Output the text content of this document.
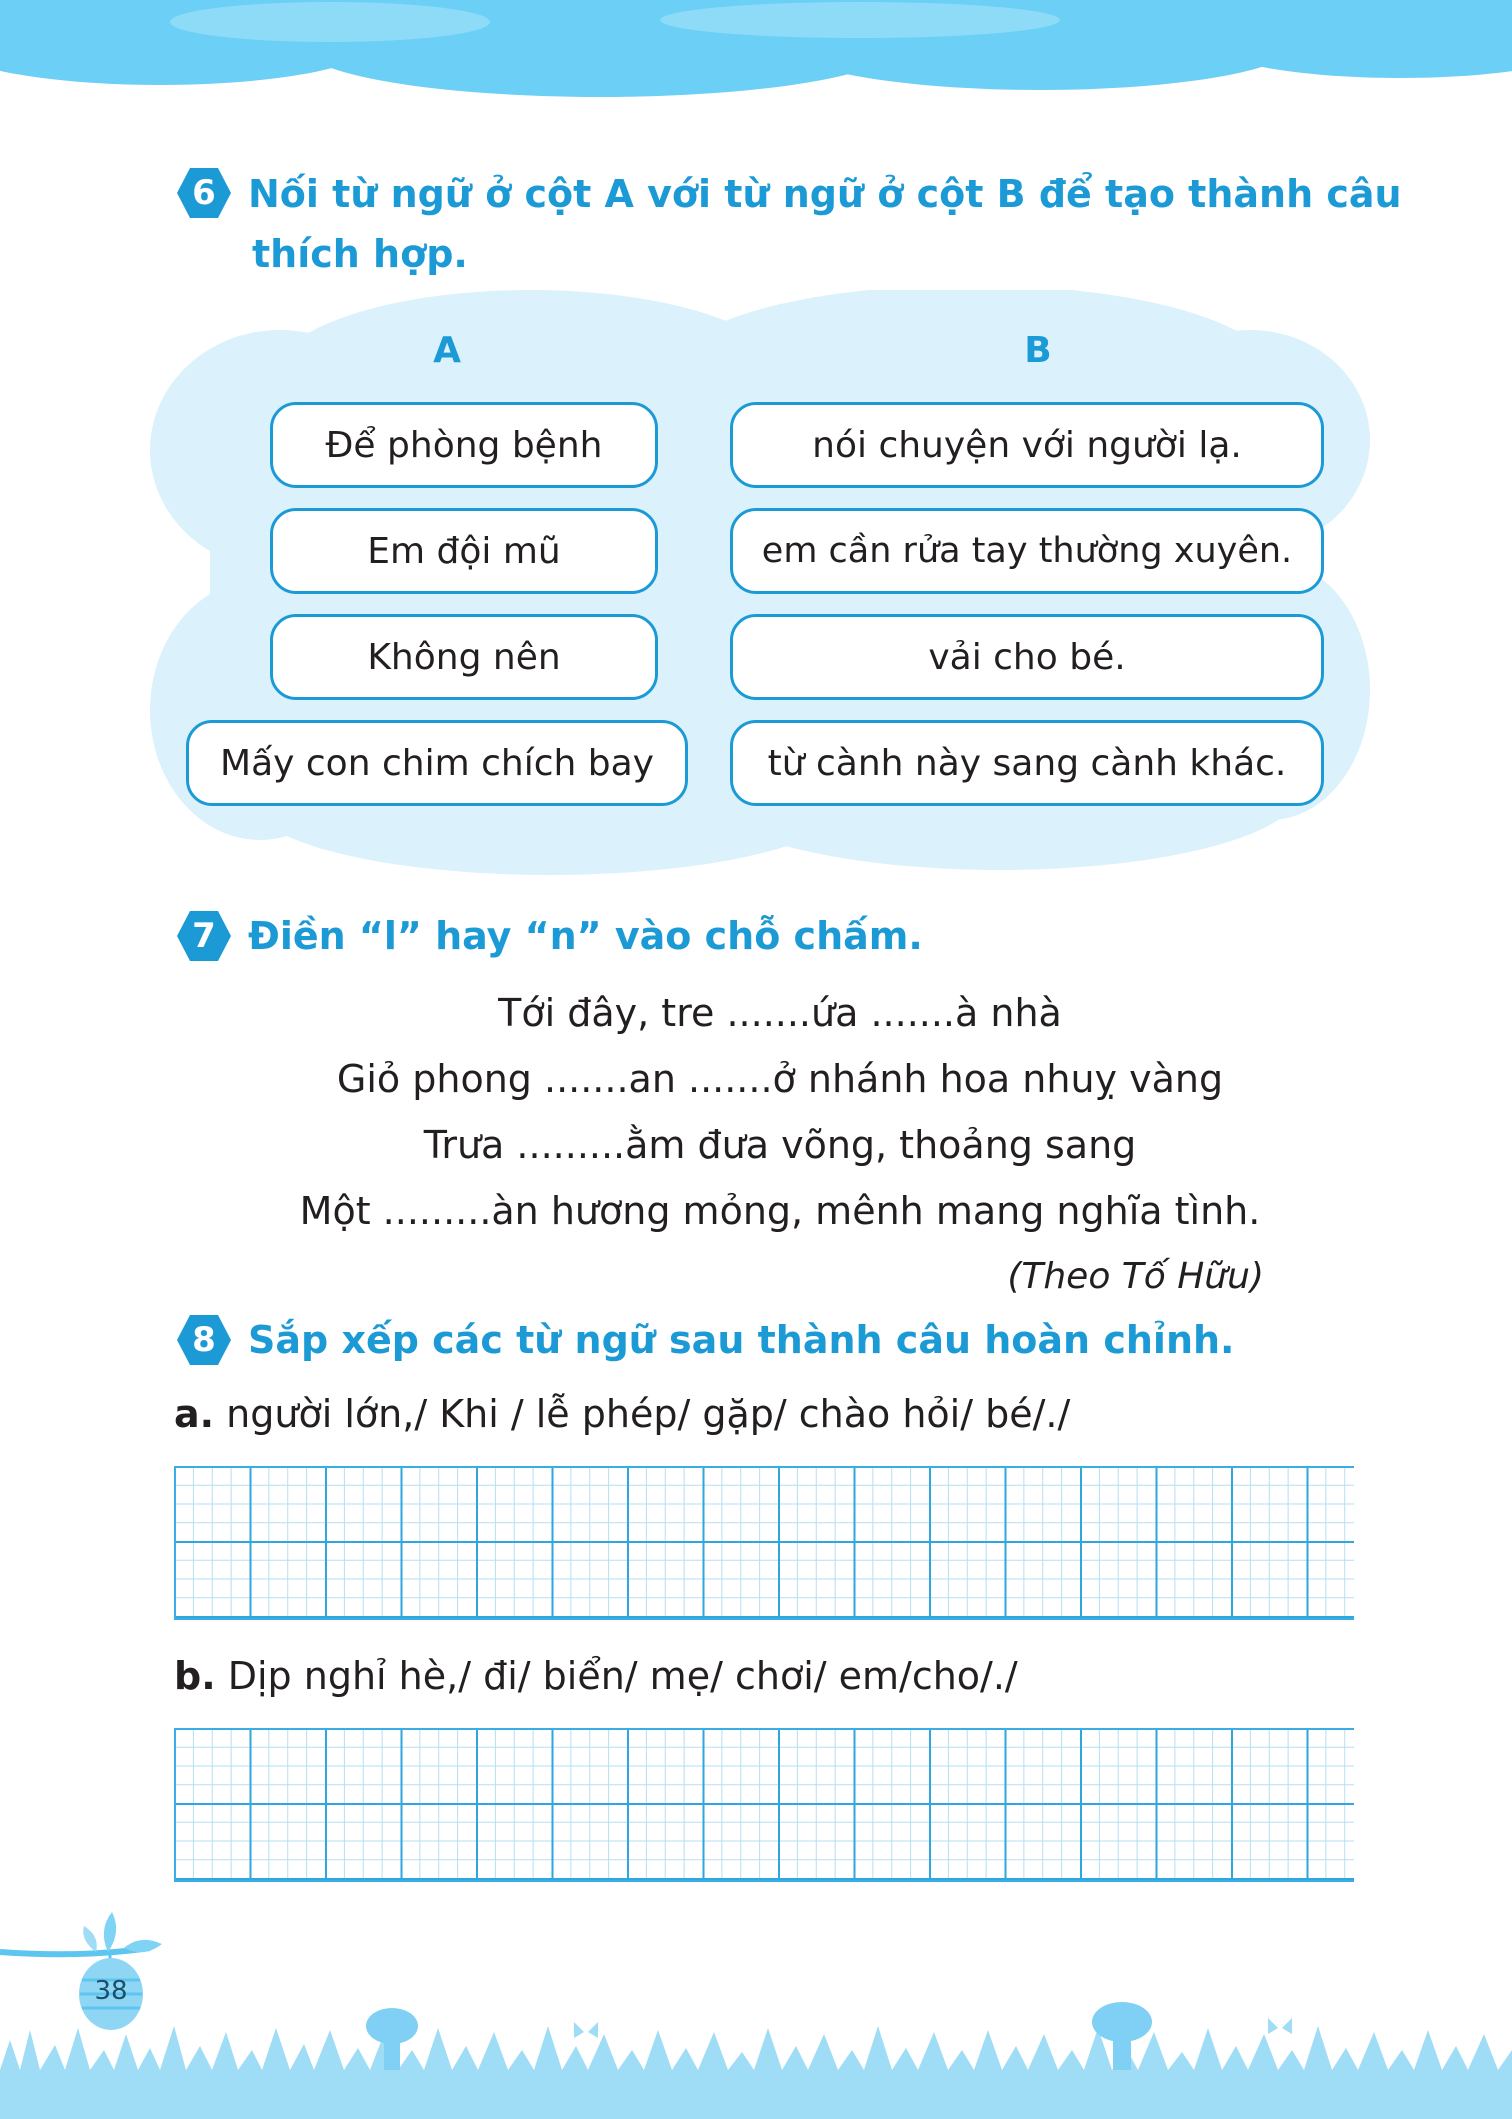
6 Nối từ ngữ ở cột A với từ ngữ ở cột B để tạo thành câu
thích hợp.
A	B
Để phòng bệnh
Em đội mũ
Không nên
Mấy con chim chích bay
nói chuyện với người lạ.
em cần rửa tay thường xuyên.
vải cho bé.
từ cành này sang cành khác.
7 Điền “l” hay “n” vào chỗ chấm.
Tới đây, tre .......ứa .......à nhà
Giỏ phong .......an .......ở nhánh hoa nhuỵ vàng
Trưa .........ằm đưa võng, thoảng sang
Một .........àn hương mỏng, mênh mang nghĩa tình.
(Theo Tố Hữu)
8 Sắp xếp các từ ngữ sau thành câu hoàn chỉnh.
a. người lớn,/ Khi / lễ phép/ gặp/ chào hỏi/ bé/./
b. Dịp nghỉ hè,/ đi/ biển/ mẹ/ chơi/ em/cho/./
38
